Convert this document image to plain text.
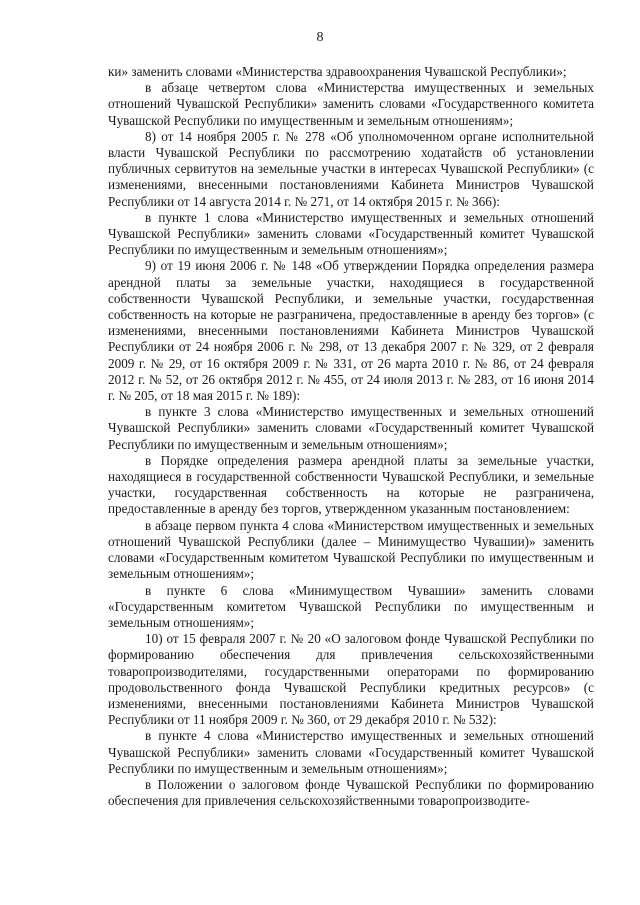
8

ки» заменить словами «Министерства здравоохранения Чувашской Республики»;

в абзаце четвертом слова «Министерства имущественных и земельных отношений Чувашской Республики» заменить словами «Государственного комитета Чувашской Республики по имущественным и земельным отношениям»;

8) от 14 ноября 2005 г. № 278 «Об уполномоченном органе исполнительной власти Чувашской Республики по рассмотрению ходатайств об установлении публичных сервитутов на земельные участки в интересах Чувашской Республики» (с изменениями, внесенными постановлениями Кабинета Министров Чувашской Республики от 14 августа 2014 г. № 271, от 14 октября 2015 г. № 366):

в пункте 1 слова «Министерство имущественных и земельных отношений Чувашской Республики» заменить словами «Государственный комитет Чувашской Республики по имущественным и земельным отношениям»;

9) от 19 июня 2006 г. № 148 «Об утверждении Порядка определения размера арендной платы за земельные участки, находящиеся в государственной собственности Чувашской Республики, и земельные участки, государственная собственность на которые не разграничена, предоставленные в аренду без торгов» (с изменениями, внесенными постановлениями Кабинета Министров Чувашской Республики от 24 ноября 2006 г. № 298, от 13 декабря 2007 г. № 329, от 2 февраля 2009 г. № 29, от 16 октября 2009 г. № 331, от 26 марта 2010 г. № 86, от 24 февраля 2012 г. № 52, от 26 октября 2012 г. № 455, от 24 июля 2013 г. № 283, от 16 июня 2014 г. № 205, от 18 мая 2015 г. № 189):

в пункте 3 слова «Министерство имущественных и земельных отношений Чувашской Республики» заменить словами «Государственный комитет Чувашской Республики по имущественным и земельным отношениям»;

в Порядке определения размера арендной платы за земельные участки, находящиеся в государственной собственности Чувашской Республики, и земельные участки, государственная собственность на которые не разграничена, предоставленные в аренду без торгов, утвержденном указанным постановлением:

в абзаце первом пункта 4 слова «Министерством имущественных и земельных отношений Чувашской Республики (далее – Минимущество Чувашии)» заменить словами «Государственным комитетом Чувашской Республики по имущественным и земельным отношениям»;

в пункте 6 слова «Минимуществом Чувашии» заменить словами «Государственным комитетом Чувашской Республики по имущественным и земельным отношениям»;

10) от 15 февраля 2007 г. № 20 «О залоговом фонде Чувашской Республики по формированию обеспечения для привлечения сельскохозяйственными товаропроизводителями, государственными операторами по формированию продовольственного фонда Чувашской Республики кредитных ресурсов» (с изменениями, внесенными постановлениями Кабинета Министров Чувашской Республики от 11 ноября 2009 г. № 360, от 29 декабря 2010 г. № 532):

в пункте 4 слова «Министерство имущественных и земельных отношений Чувашской Республики» заменить словами «Государственный комитет Чувашской Республики по имущественным и земельным отношениям»;

в Положении о залоговом фонде Чувашской Республики по формированию обеспечения для привлечения сельскохозяйственными товаропроизводите-
